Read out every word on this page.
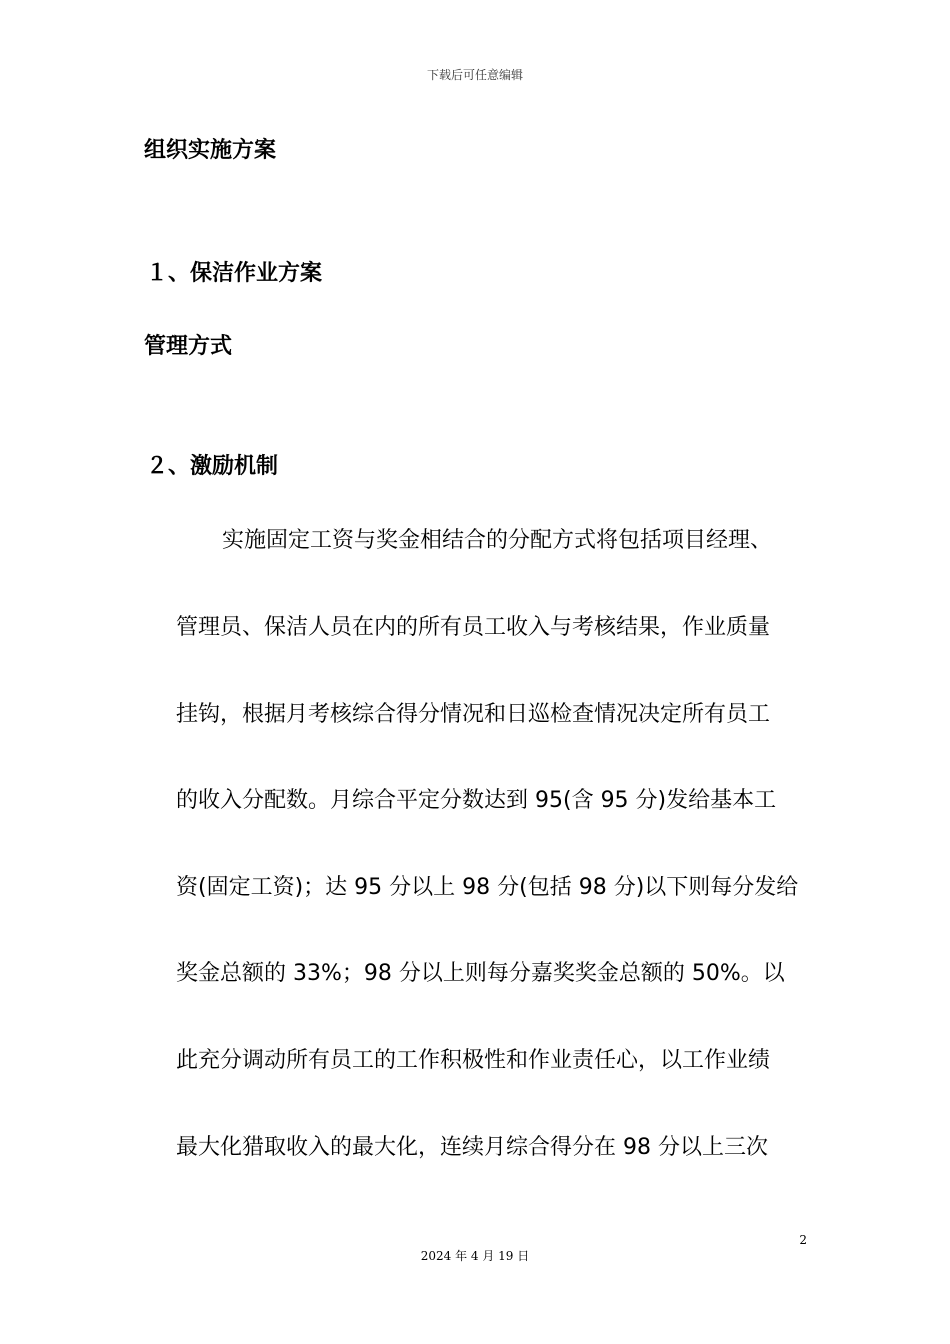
下载后可任意编辑
组织实施方案
１、保洁作业方案
管理方式
２、激励机制
实施固定工资与奖金相结合的分配方式将包括项目经理、
管理员、保洁人员在内的所有员工收入与考核结果，作业质量
挂钩，根据月考核综合得分情况和日巡检查情况决定所有员工
的收入分配数。月综合平定分数达到 95(含 95 分)发给基本工
资(固定工资)；达 95 分以上 98 分(包括 98 分)以下则每分发给
奖金总额的 33%；98 分以上则每分嘉奖奖金总额的 50%。以
此充分调动所有员工的工作积极性和作业责任心，以工作业绩
最大化猎取收入的最大化，连续月综合得分在 98 分以上三次
2
2024 年 4 月 19 日
